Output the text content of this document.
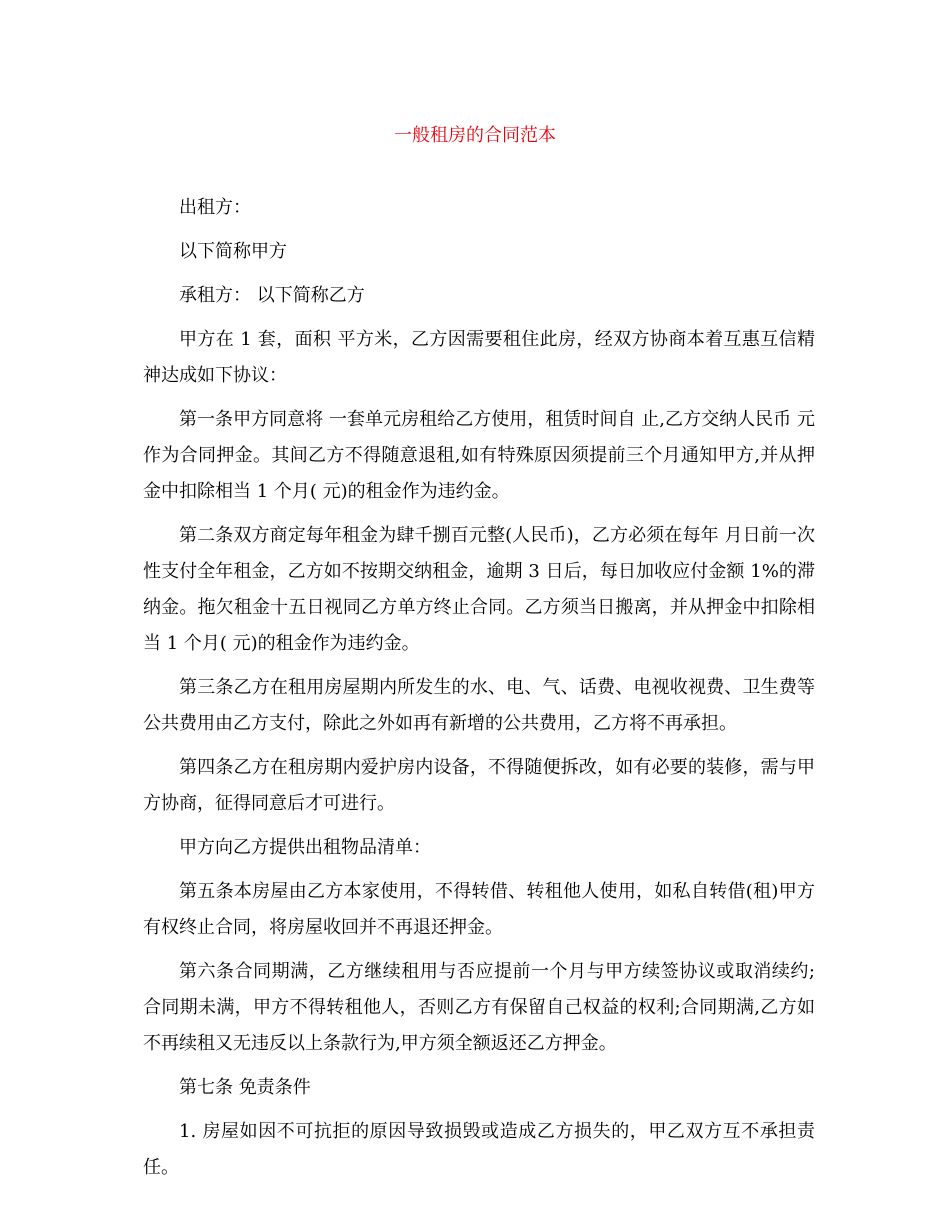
一般租房的合同范本

出租方：

以下简称甲方

承租方： 以下简称乙方

甲方在 1 套，面积 平方米，乙方因需要租住此房，经双方协商本着互惠互信精神达成如下协议：

第一条甲方同意将 一套单元房租给乙方使用，租赁时间自 止,乙方交纳人民币 元作为合同押金。其间乙方不得随意退租,如有特殊原因须提前三个月通知甲方,并从押金中扣除相当 1 个月( 元)的租金作为违约金。

第二条双方商定每年租金为肆千捌百元整(人民币)，乙方必须在每年 月日前一次性支付全年租金，乙方如不按期交纳租金，逾期 3 日后，每日加收应付金额 1%的滞纳金。拖欠租金十五日视同乙方单方终止合同。乙方须当日搬离，并从押金中扣除相当 1 个月( 元)的租金作为违约金。

第三条乙方在租用房屋期内所发生的水、电、气、话费、电视收视费、卫生费等公共费用由乙方支付，除此之外如再有新增的公共费用，乙方将不再承担。

第四条乙方在租房期内爱护房内设备，不得随便拆改，如有必要的装修，需与甲方协商，征得同意后才可进行。

甲方向乙方提供出租物品清单：

第五条本房屋由乙方本家使用，不得转借、转租他人使用，如私自转借(租)甲方有权终止合同，将房屋收回并不再退还押金。

第六条合同期满，乙方继续租用与否应提前一个月与甲方续签协议或取消续约;合同期未满，甲方不得转租他人，否则乙方有保留自己权益的权利;合同期满,乙方如不再续租又无违反以上条款行为,甲方须全额返还乙方押金。

第七条 免责条件

1. 房屋如因不可抗拒的原因导致损毁或造成乙方损失的，甲乙双方互不承担责任。
